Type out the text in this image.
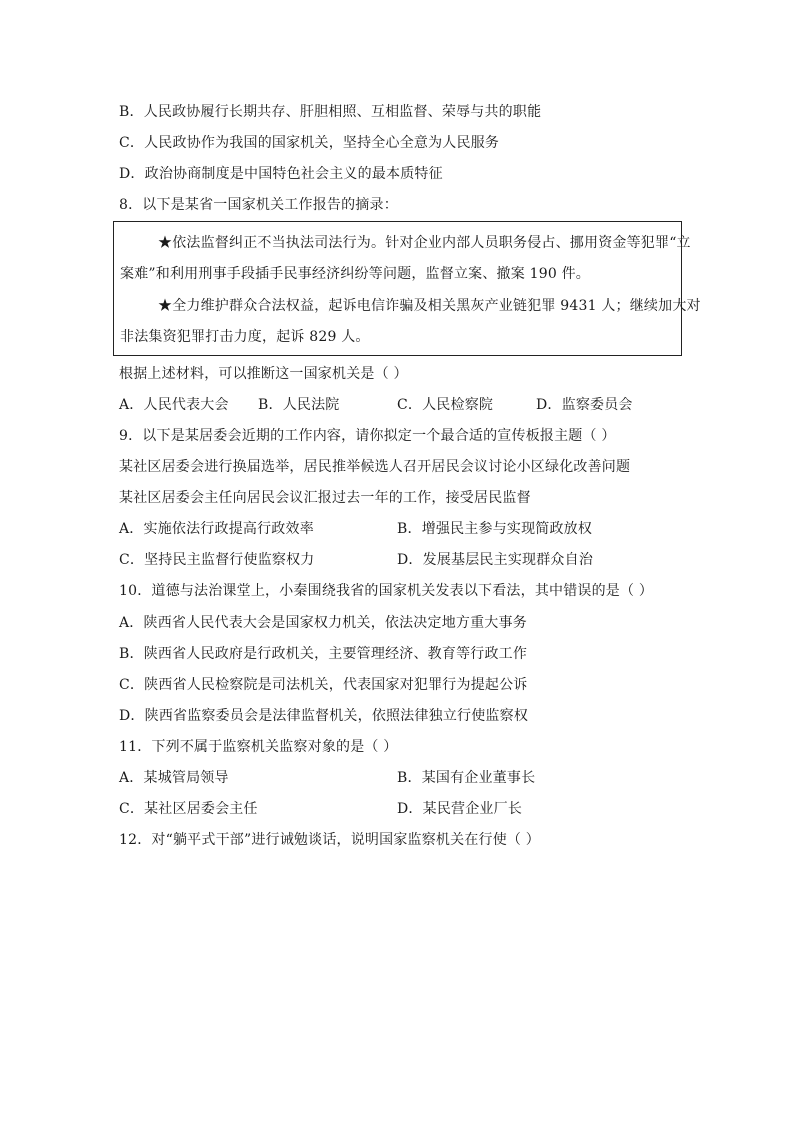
B．人民政协履行长期共存、肝胆相照、互相监督、荣辱与共的职能
C．人民政协作为我国的国家机关，坚持全心全意为人民服务
D．政治协商制度是中国特色社会主义的最本质特征
8．以下是某省一国家机关工作报告的摘录：
★依法监督纠正不当执法司法行为。针对企业内部人员职务侵占、挪用资金等犯罪“立
案难”和利用刑事手段插手民事经济纠纷等问题，监督立案、撤案 190 件。
★全力维护群众合法权益，起诉电信诈骗及相关黑灰产业链犯罪 9431 人；继续加大对
非法集资犯罪打击力度，起诉 829 人。
根据上述材料，可以推断这一国家机关是（ ）
A．人民代表大会 B．人民法院	C．人民检察院	D．监察委员会
9．以下是某居委会近期的工作内容，请你拟定一个最合适的宣传板报主题（ ）
某社区居委会进行换届选举，居民推举候选人召开居民会议讨论小区绿化改善问题
某社区居委会主任向居民会议汇报过去一年的工作，接受居民监督
A．实施依法行政提高行政效率	B．增强民主参与实现简政放权
C．坚持民主监督行使监察权力	D．发展基层民主实现群众自治
10．道德与法治课堂上，小秦围绕我省的国家机关发表以下看法，其中错误的是（ ）
A．陕西省人民代表大会是国家权力机关，依法决定地方重大事务
B．陕西省人民政府是行政机关，主要管理经济、教育等行政工作
C．陕西省人民检察院是司法机关，代表国家对犯罪行为提起公诉
D．陕西省监察委员会是法律监督机关，依照法律独立行使监察权
11．下列不属于监察机关监察对象的是（ ）
A．某城管局领导	B．某国有企业董事长
C．某社区居委会主任	D．某民营企业厂长
12．对“躺平式干部”进行诫勉谈话，说明国家监察机关在行使（ ）
